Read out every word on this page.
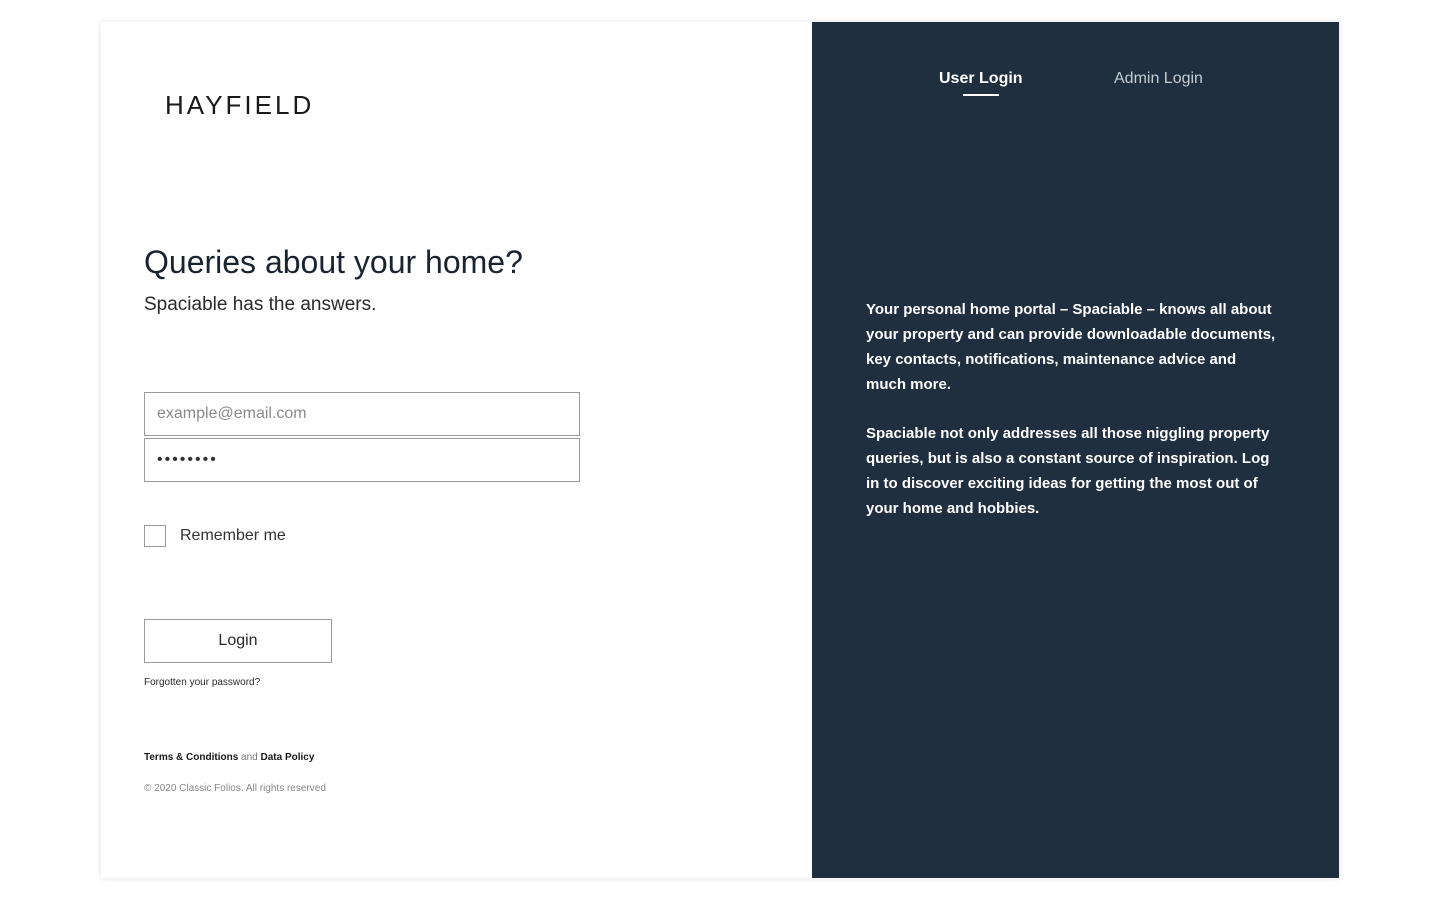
HAYFIELD
Queries about your home?

Spaciable has the answers.

example@email.com
••••••••
Remember me
Login
Forgotten your password?
Terms & Conditions and Data Policy
© 2020 Classic Folios. All rights reserved
User Login	Admin Login

Your personal home portal – Spaciable – knows all about your property and can provide downloadable documents, key contacts, notifications, maintenance advice and much more.

Spaciable not only addresses all those niggling property queries, but is also a constant source of inspiration. Log in to discover exciting ideas for getting the most out of your home and hobbies.
